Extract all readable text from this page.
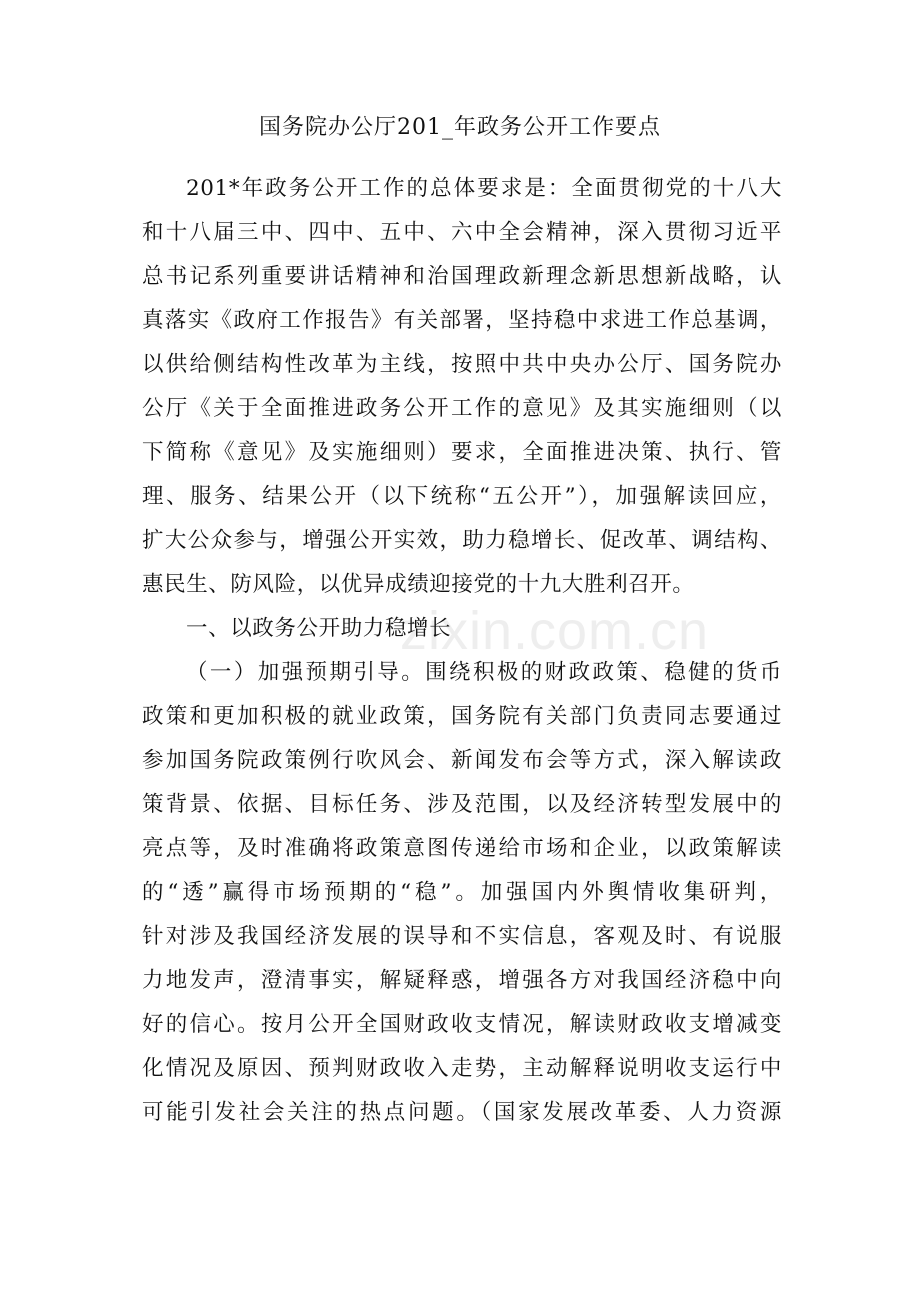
国务院办公厅201_年政务公开工作要点
zixin.com.cn
201*年政务公开工作的总体要求是：全面贯彻党的十八大
和十八届三中、四中、五中、六中全会精神，深入贯彻习近平
总书记系列重要讲话精神和治国理政新理念新思想新战略，认
真落实《政府工作报告》有关部署，坚持稳中求进工作总基调，
以供给侧结构性改革为主线，按照中共中央办公厅、国务院办
公厅《关于全面推进政务公开工作的意见》及其实施细则（以
下简称《意见》及实施细则）要求，全面推进决策、执行、管
理、服务、结果公开（以下统称“五公开”），加强解读回应，
扩大公众参与，增强公开实效，助力稳增长、促改革、调结构、
惠民生、防风险，以优异成绩迎接党的十九大胜利召开。
一、以政务公开助力稳增长
（一）加强预期引导。围绕积极的财政政策、稳健的货币
政策和更加积极的就业政策，国务院有关部门负责同志要通过
参加国务院政策例行吹风会、新闻发布会等方式，深入解读政
策背景、依据、目标任务、涉及范围，以及经济转型发展中的
亮点等，及时准确将政策意图传递给市场和企业，以政策解读
的“透”赢得市场预期的“稳”。加强国内外舆情收集研判，
针对涉及我国经济发展的误导和不实信息，客观及时、有说服
力地发声，澄清事实，解疑释惑，增强各方对我国经济稳中向
好的信心。按月公开全国财政收支情况，解读财政收支增减变
化情况及原因、预判财政收入走势，主动解释说明收支运行中
可能引发社会关注的热点问题。（国家发展改革委、人力资源
